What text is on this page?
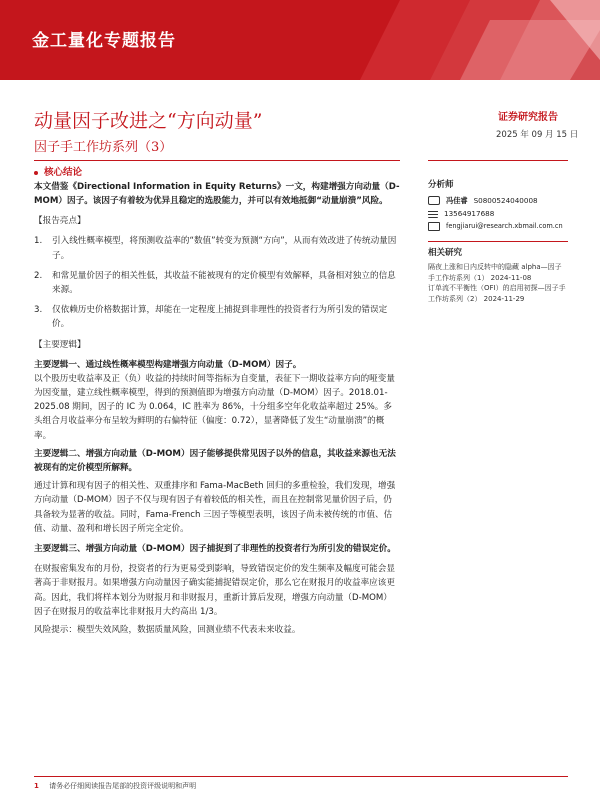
金工量化专题报告
动量因子改进之“方向动量”
因子手工作坊系列（3）
证券研究报告
2025 年 09 月 15 日
核心结论

本文借鉴《Directional Information in Equity Returns》一文，构建增强方向动量（D-MOM）因子。该因子有着较为优异且稳定的选股能力，并可以有效地抵御“动量崩溃”风险。

【报告亮点】

1.	引入线性概率模型，将预测收益率的“数值”转变为预测“方向”，从而有效改进了传统动量因子。
2.	和常见量价因子的相关性低，其收益不能被现有的定价模型有效解释，具备相对独立的信息来源。
3.	仅依赖历史价格数据计算，却能在一定程度上捕捉到非理性的投资者行为所引发的错误定价。

【主要逻辑】

主要逻辑一、通过线性概率模型构建增强方向动量（D-MOM）因子。

以个股历史收益率及正（负）收益的持续时间等指标为自变量，表征下一期收益率方向的哑变量为因变量，建立线性概率模型，得到的预测值即为增强方向动量（D-MOM）因子。2018.01-2025.08 期间，因子的 IC 为 0.064，IC 胜率为 86%，十分组多空年化收益率超过 25%。多头组合月收益率分布呈较为鲜明的右偏特征（偏度：0.72），显著降低了发生“动量崩溃”的概率。

主要逻辑二、增强方向动量（D-MOM）因子能够提供常见因子以外的信息，其收益来源也无法被现有的定价模型所解释。

通过计算和现有因子的相关性、双重排序和 Fama-MacBeth 回归的多重检验，我们发现，增强方向动量（D-MOM）因子不仅与现有因子有着较低的相关性，而且在控制常见量价因子后，仍具备较为显著的收益。同时，Fama-French 三因子等模型表明，该因子尚未被传统的市值、估值、动量、盈利和增长因子所完全定价。

主要逻辑三、增强方向动量（D-MOM）因子捕捉到了非理性的投资者行为所引发的错误定价。

在财报密集发布的月份，投资者的行为更易受到影响，导致错误定价的发生频率及幅度可能会显著高于非财报月。如果增强方向动量因子确实能捕捉错误定价，那么它在财报月的收益率应该更高。因此，我们将样本划分为财报月和非财报月，重新计算后发现，增强方向动量（D-MOM）因子在财报月的收益率比非财报月大约高出 1/3。

风险提示：模型失效风险，数据质量风险，回测业绩不代表未来收益。

分析师

冯佳睿 S0800524040008
13564917688
fengjiarui@research.xbmail.com.cn

相关研究

隔夜上涨和日内反转中的隐藏 alpha—因子手工作坊系列（1） 2024-11-08

订单流不平衡性（OFI）的启用初探—因子手工作坊系列（2） 2024-11-29

1 请务必仔细阅读报告尾部的投资评级说明和声明
